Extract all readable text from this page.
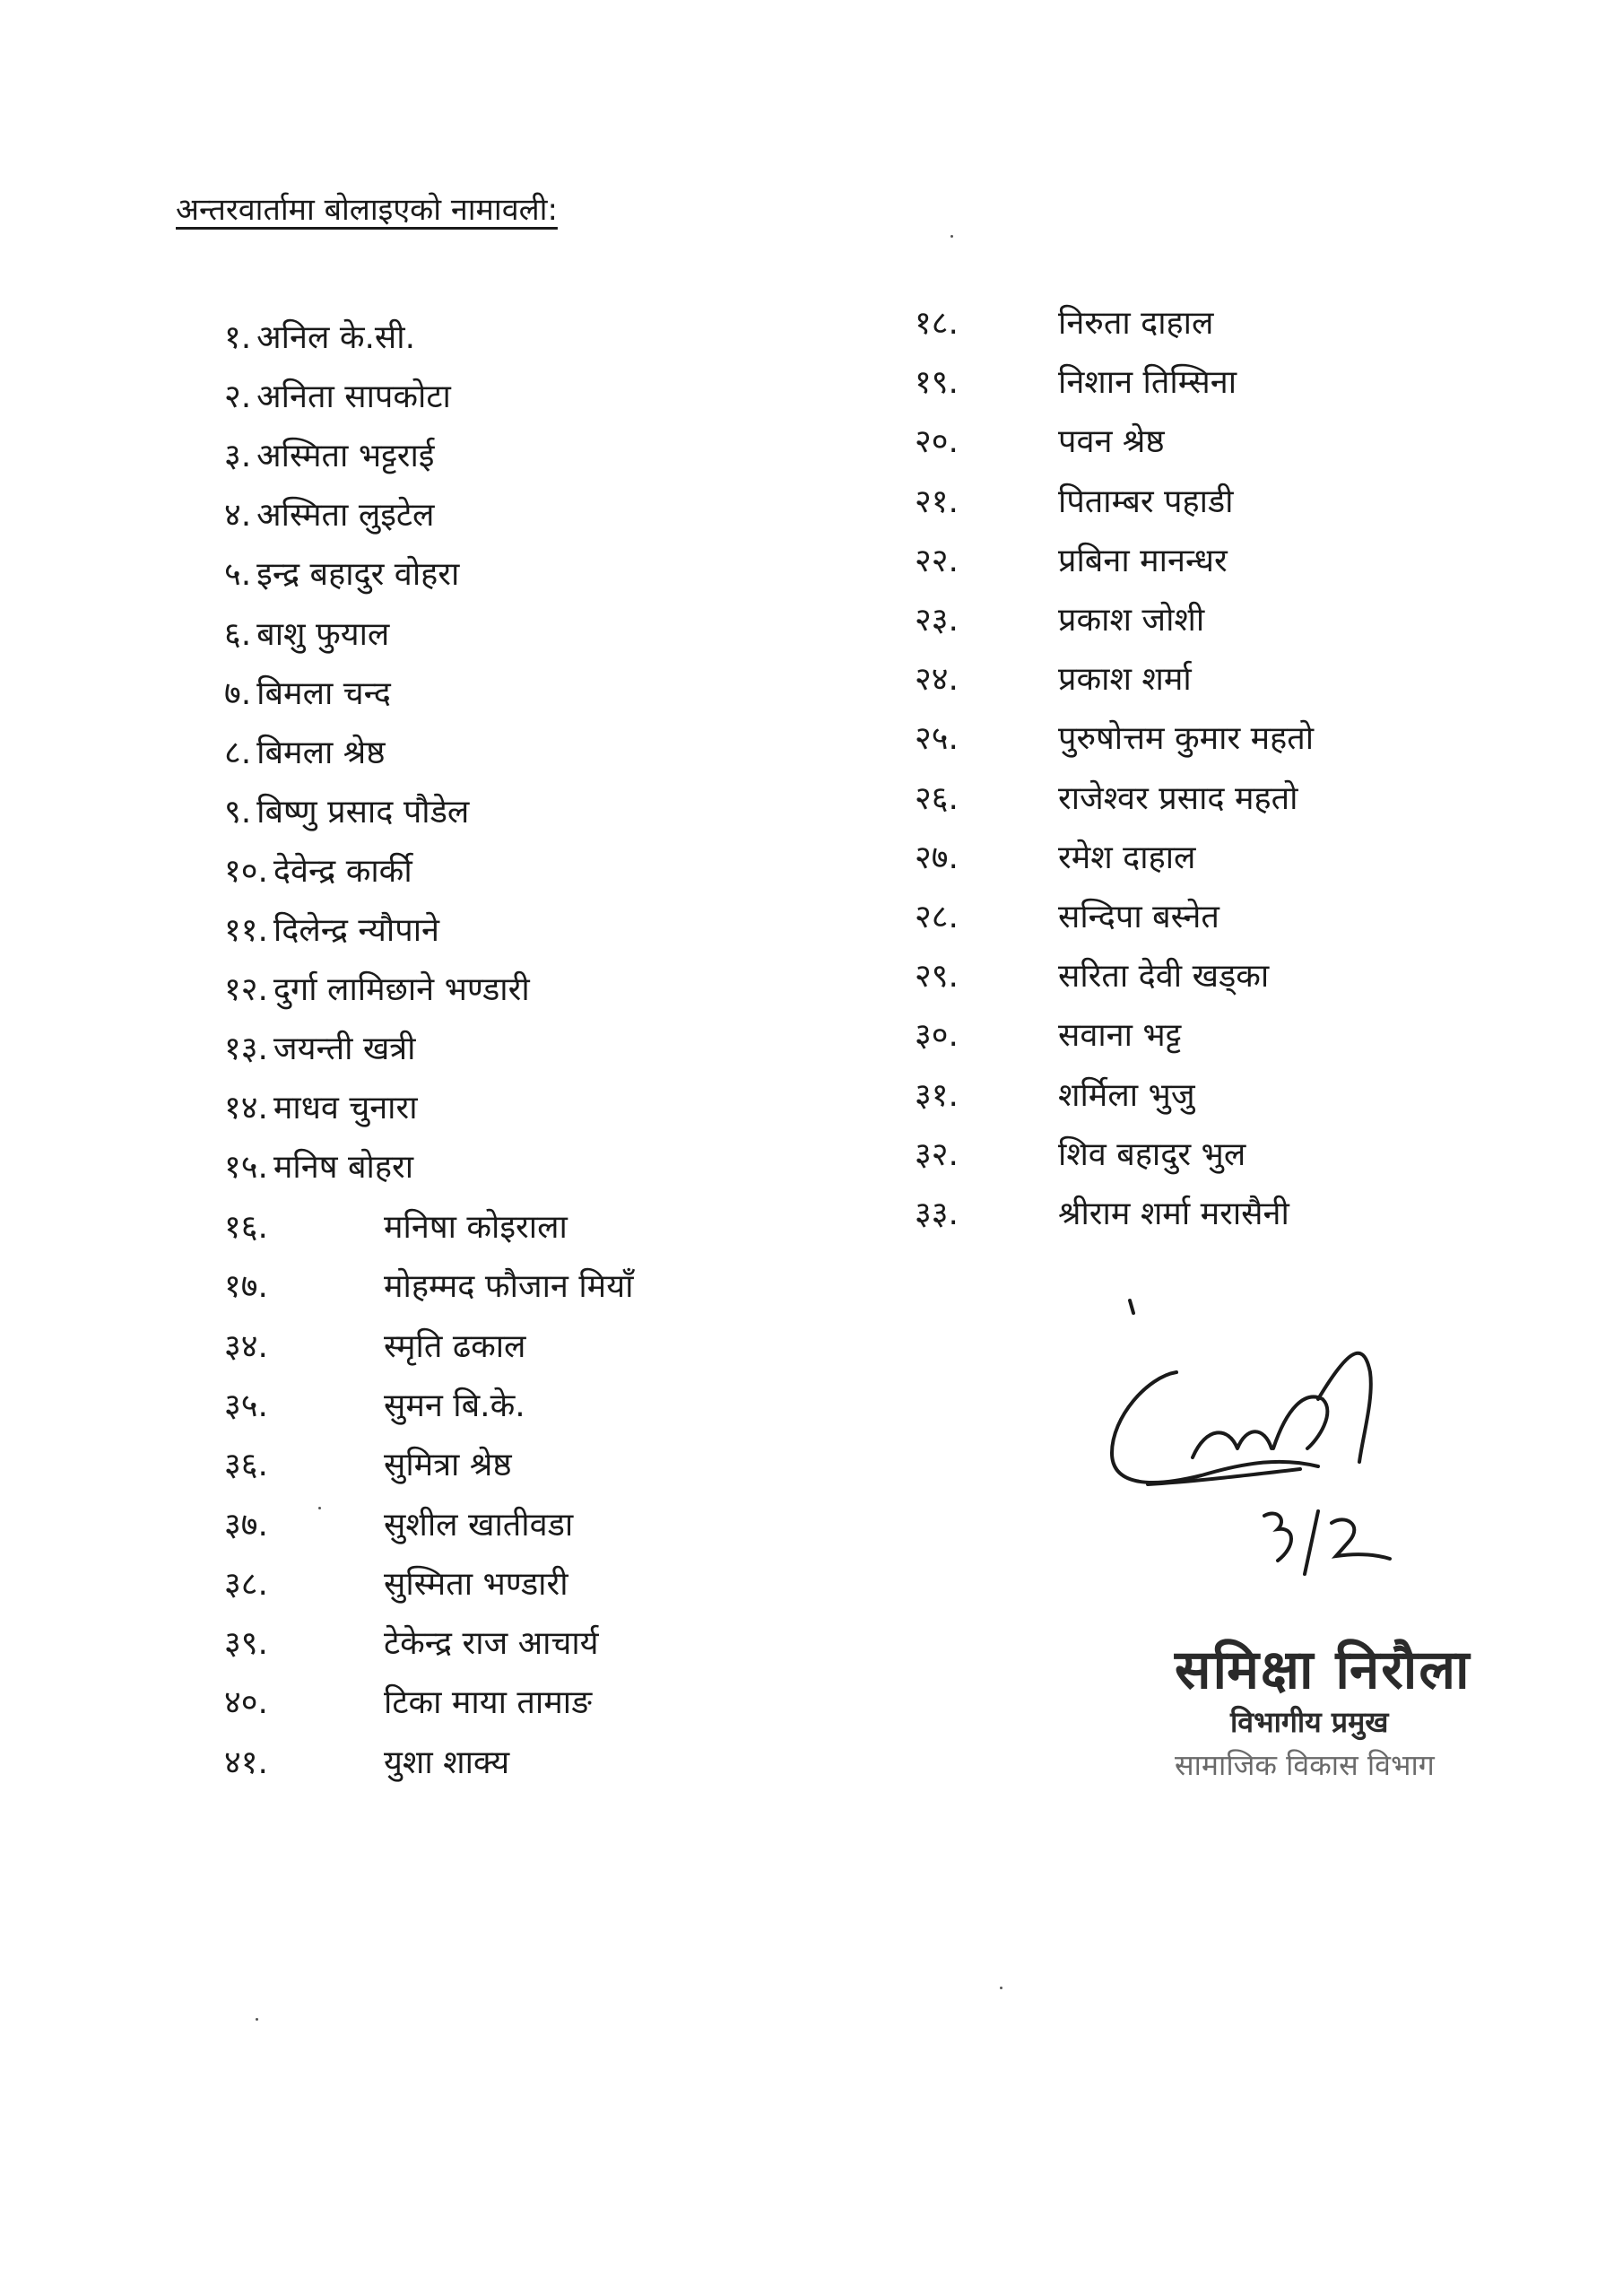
अन्तरवार्तामा बोलाइएको नामावली:
१. अनिल के.सी.
२. अनिता सापकोटा
३. अस्मिता भट्टराई
४. अस्मिता लुइटेल
५. इन्द्र बहादुर वोहरा
६. बाशु फुयाल
७. बिमला चन्द
८. बिमला श्रेष्ठ
९. बिष्णु प्रसाद पौडेल
१०. देवेन्द्र कार्की
११. दिलेन्द्र न्यौपाने
१२. दुर्गा लामिछाने भण्डारी
१३. जयन्ती खत्री
१४. माधव चुनारा
१५. मनिष बोहरा
१६.	मनिषा कोइराला
१७.	मोहम्मद फौजान मियाँ
३४.	स्मृति ढकाल
३५.	सुमन बि.के.
३६.	सुमित्रा श्रेष्ठ
३७.	सुशील खातीवडा
३८.	सुस्मिता भण्डारी
३९.	टेकेन्द्र राज आचार्य
४०.	टिका माया तामाङ
४१.	युशा शाक्य
१८.	निरुता दाहाल
१९.	निशान तिम्सिना
२०.	पवन श्रेष्ठ
२१.	पिताम्बर पहाडी
२२.	प्रबिना मानन्धर
२३.	प्रकाश जोशी
२४.	प्रकाश शर्मा
२५.	पुरुषोत्तम कुमार महतो
२६.	राजेश्वर प्रसाद महतो
२७.	रमेश दाहाल
२८.	सन्दिपा बस्नेत
२९.	सरिता देवी खड्का
३०.	सवाना भट्ट
३१.	शर्मिला भुजु
३२.	शिव बहादुर भुल
३३.	श्रीराम शर्मा मरासैनी
समिक्षा निरौला
विभागीय प्रमुख
सामाजिक विकास विभाग
